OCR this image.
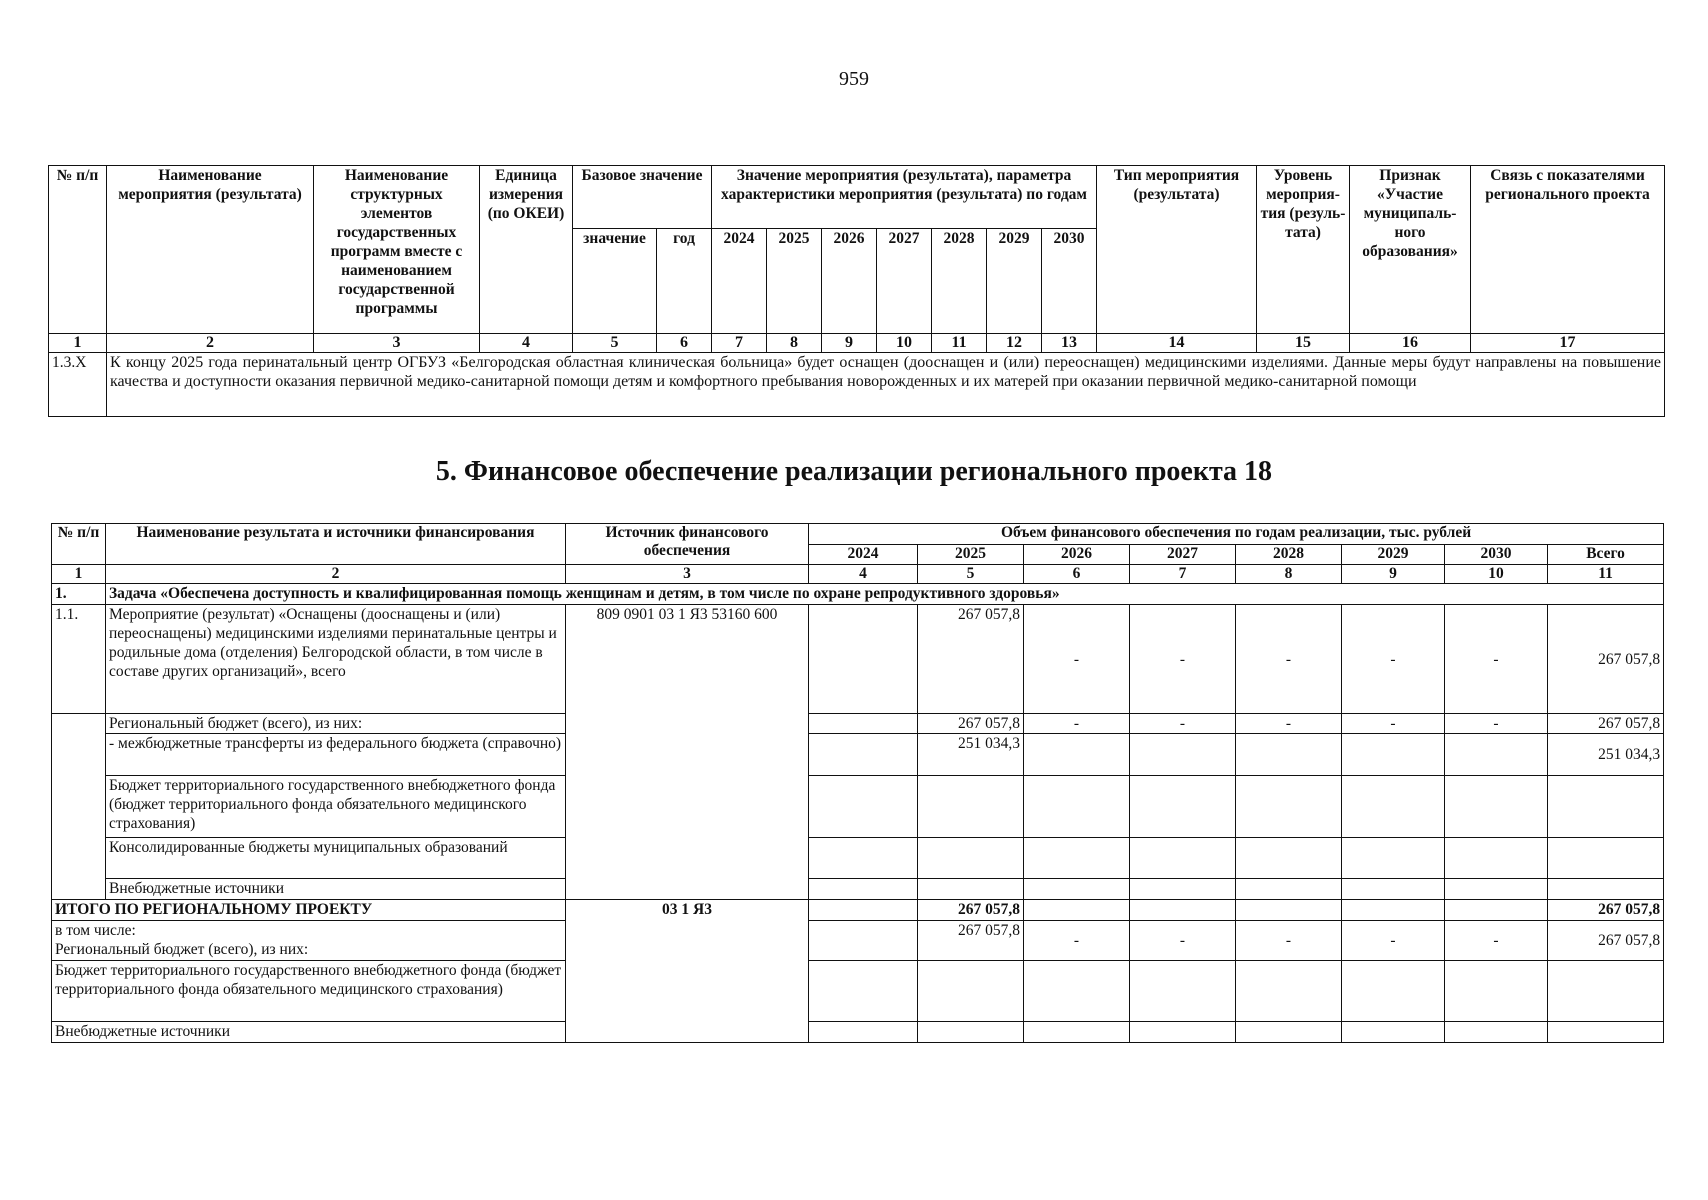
959
№ п/п	Наименование мероприятия (результата)	Наименование структурных элементов государственных программ вместе с наименованием государственной программы	Единица измерения (по ОКЕИ)	Базовое значение		Значение мероприятия (результата), параметра характеристики мероприятия (результата) по годам							Тип мероприятия (результата)	Уровень мероприя-тия (резуль-тата)	Признак «Участие муниципаль-ного образования»	Связь с показателями регионального проекта
				значение	год	2024	2025	2026	2027	2028	2029	2030				
1	2	3	4	5	6	7	8	9	10	11	12	13	14	15	16	17
1.3.X	К концу 2025 года перинатальный центр ОГБУЗ «Белгородская областная клиническая больница» будет оснащен (дооснащен и (или) переоснащен) медицинскими изделиями. Данные меры будут направлены на повышение качества и доступности оказания первичной медико-санитарной помощи детям и комфортного пребывания новорожденных и их матерей при оказании первичной медико-санитарной помощи															
5. Финансовое обеспечение реализации регионального проекта 18
№ п/п	Наименование результата и источники финансирования	Источник финансового обеспечения	Объем финансового обеспечения по годам реализации, тыс. рублей							
			2024	2025	2026	2027	2028	2029	2030	Всего
1	2	3	4	5	6	7	8	9	10	11
1.	Задача «Обеспечена доступность и квалифицированная помощь женщинам и детям, в том числе по охране репродуктивного здоровья»									
1.1.	Мероприятие (результат) «Оснащены (дооснащены и (или) переоснащены) медицинскими изделиями перинатальные центры и родильные дома (отделения) Белгородской области, в том числе в составе других организаций», всего	809 0901 03 1 Я3 53160 600		267 057,8	-	-	-	-	-	267 057,8
	Региональный бюджет (всего), из них:			267 057,8	-	-	-	-	-	267 057,8
	- межбюджетные трансферты из федерального бюджета (справочно)			251 034,3						251 034,3
	Бюджет территориального государственного внебюджетного фонда (бюджет территориального фонда обязательного медицинского страхования)									
	Консолидированные бюджеты муниципальных образований									
	Внебюджетные источники									
ИТОГО ПО РЕГИОНАЛЬНОМУ ПРОЕКТУ		03 1 Я3		267 057,8						267 057,8

в том числе:
Региональный бюджет (всего), из них:				267 057,8	-	-	-	-	-	267 057,8
Бюджет территориального государственного внебюджетного фонда (бюджет территориального фонда обязательного медицинского страхования)										
Внебюджетные источники										
